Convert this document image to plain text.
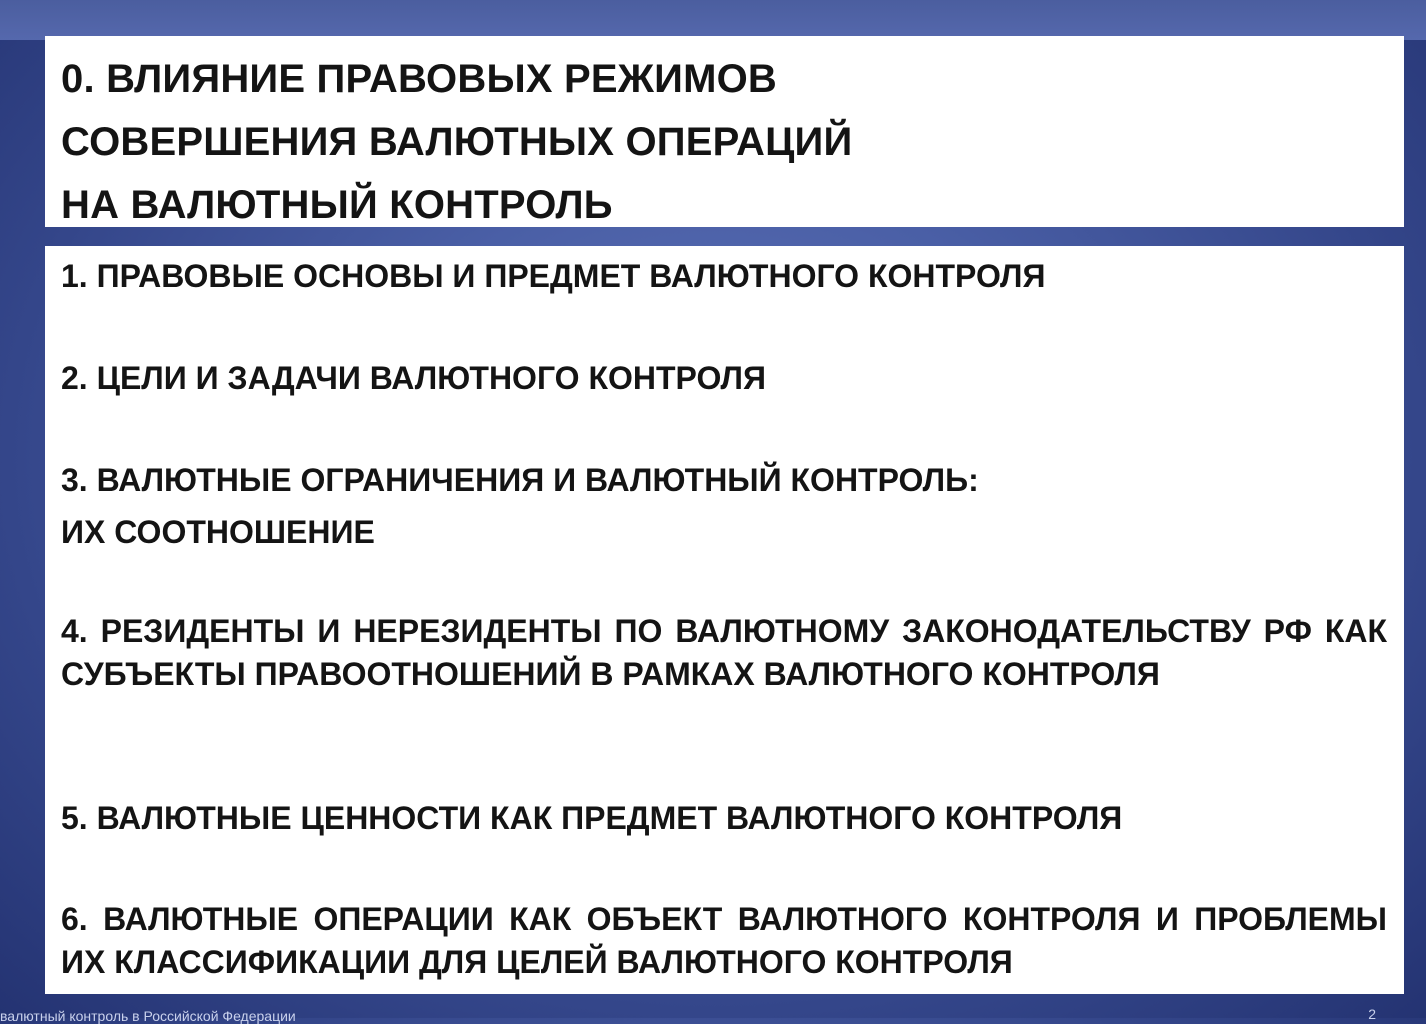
0. ВЛИЯНИЕ ПРАВОВЫХ РЕЖИМОВ
СОВЕРШЕНИЯ ВАЛЮТНЫХ ОПЕРАЦИЙ
НА ВАЛЮТНЫЙ КОНТРОЛЬ
1. ПРАВОВЫЕ ОСНОВЫ И ПРЕДМЕТ ВАЛЮТНОГО КОНТРОЛЯ
2. ЦЕЛИ И ЗАДАЧИ ВАЛЮТНОГО КОНТРОЛЯ
3. ВАЛЮТНЫЕ ОГРАНИЧЕНИЯ И ВАЛЮТНЫЙ КОНТРОЛЬ:
ИХ СООТНОШЕНИЕ
4. РЕЗИДЕНТЫ И НЕРЕЗИДЕНТЫ ПО ВАЛЮТНОМУ ЗАКОНОДАТЕЛЬСТВУ РФ КАК СУБЪЕКТЫ ПРАВООТНОШЕНИЙ В РАМКАХ ВАЛЮТНОГО КОНТРОЛЯ
5. ВАЛЮТНЫЕ ЦЕННОСТИ КАК ПРЕДМЕТ ВАЛЮТНОГО КОНТРОЛЯ
6. ВАЛЮТНЫЕ ОПЕРАЦИИ КАК ОБЪЕКТ ВАЛЮТНОГО КОНТРОЛЯ И ПРОБЛЕМЫ ИХ КЛАССИФИКАЦИИ ДЛЯ ЦЕЛЕЙ ВАЛЮТНОГО КОНТРОЛЯ
валютный контроль в Российской Федерации	2
